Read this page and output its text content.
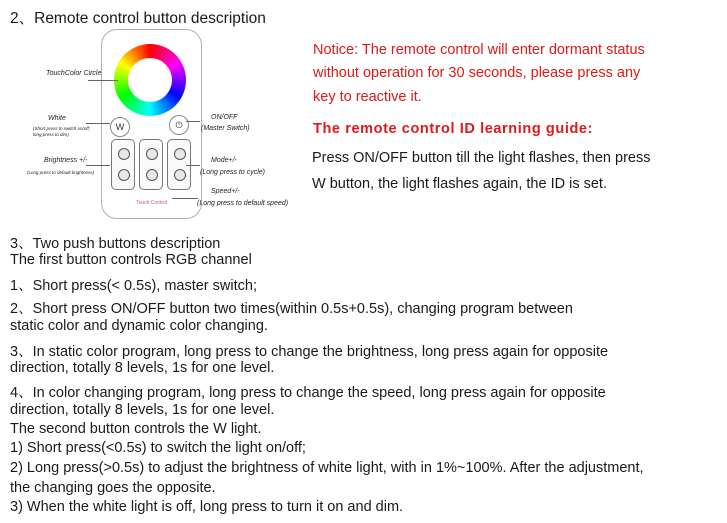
2、Remote control button description
W	⏻
Touch Control
TouchColor Circle
White
(Short press to switch on/off;
long press to dim)
ON/OFF
(Master Switch)
Brightness +/-
(Long press to default brightness)
Mode+/-
(Long press to cycle)
Speed+/-
(Long press to default speed)
Notice: The remote control will enter dormant status
without operation for 30 seconds, please press any
key to reactive it.
The remote control ID learning guide:
Press ON/OFF button till the light flashes, then press
W button, the light flashes again, the ID is set.
3、Two push buttons description
The first button controls RGB channel
1、Short press(< 0.5s), master switch;
2、Short press ON/OFF button two times(within 0.5s+0.5s), changing program between
static color and dynamic color changing.
3、In static color program, long press to change the brightness, long press again for opposite
direction, totally 8 levels, 1s for one level.
4、In color changing program, long press to change the speed, long press again for opposite
direction, totally 8 levels, 1s for one level.
The second button controls the W light.
1) Short press(<0.5s) to switch the light on/off;
2) Long press(>0.5s) to adjust the brightness of white light, with in 1%~100%. After the adjustment,
the changing goes the opposite.
3) When the white light is off, long press to turn it on and dim.
